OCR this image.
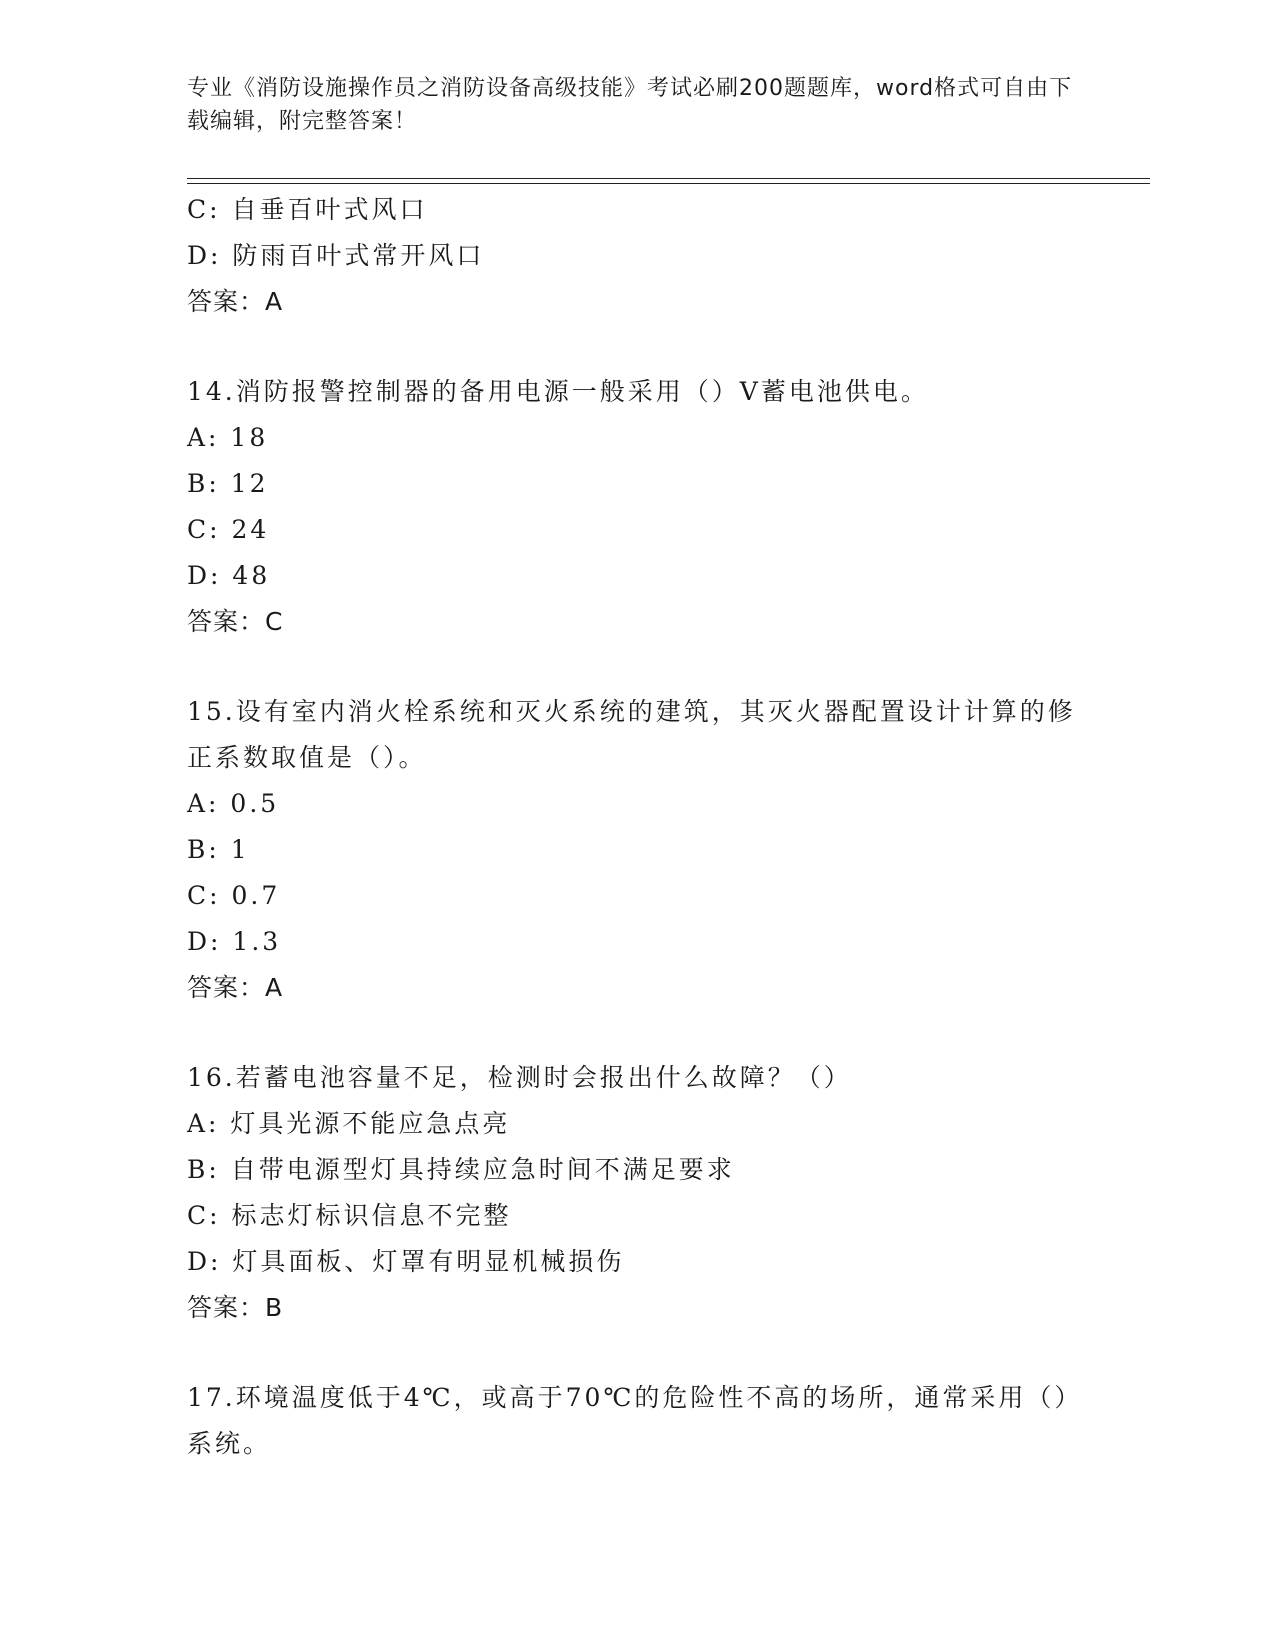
专业《消防设施操作员之消防设备高级技能》考试必刷200题题库，word格式可自由下载编辑，附完整答案！
C: 自垂百叶式风口
D: 防雨百叶式常开风口
答案：A
14.消防报警控制器的备用电源一般采用（）V蓄电池供电。
A: 18
B: 12
C: 24
D: 48
答案：C
15.设有室内消火栓系统和灭火系统的建筑，其灭火器配置设计计算的修正系数取值是（）。
A: 0.5
B: 1
C: 0.7
D: 1.3
答案：A
16.若蓄电池容量不足，检测时会报出什么故障？（）
A: 灯具光源不能应急点亮
B: 自带电源型灯具持续应急时间不满足要求
C: 标志灯标识信息不完整
D: 灯具面板、灯罩有明显机械损伤
答案：B
17.环境温度低于4℃，或高于70℃的危险性不高的场所，通常采用（）系统。
